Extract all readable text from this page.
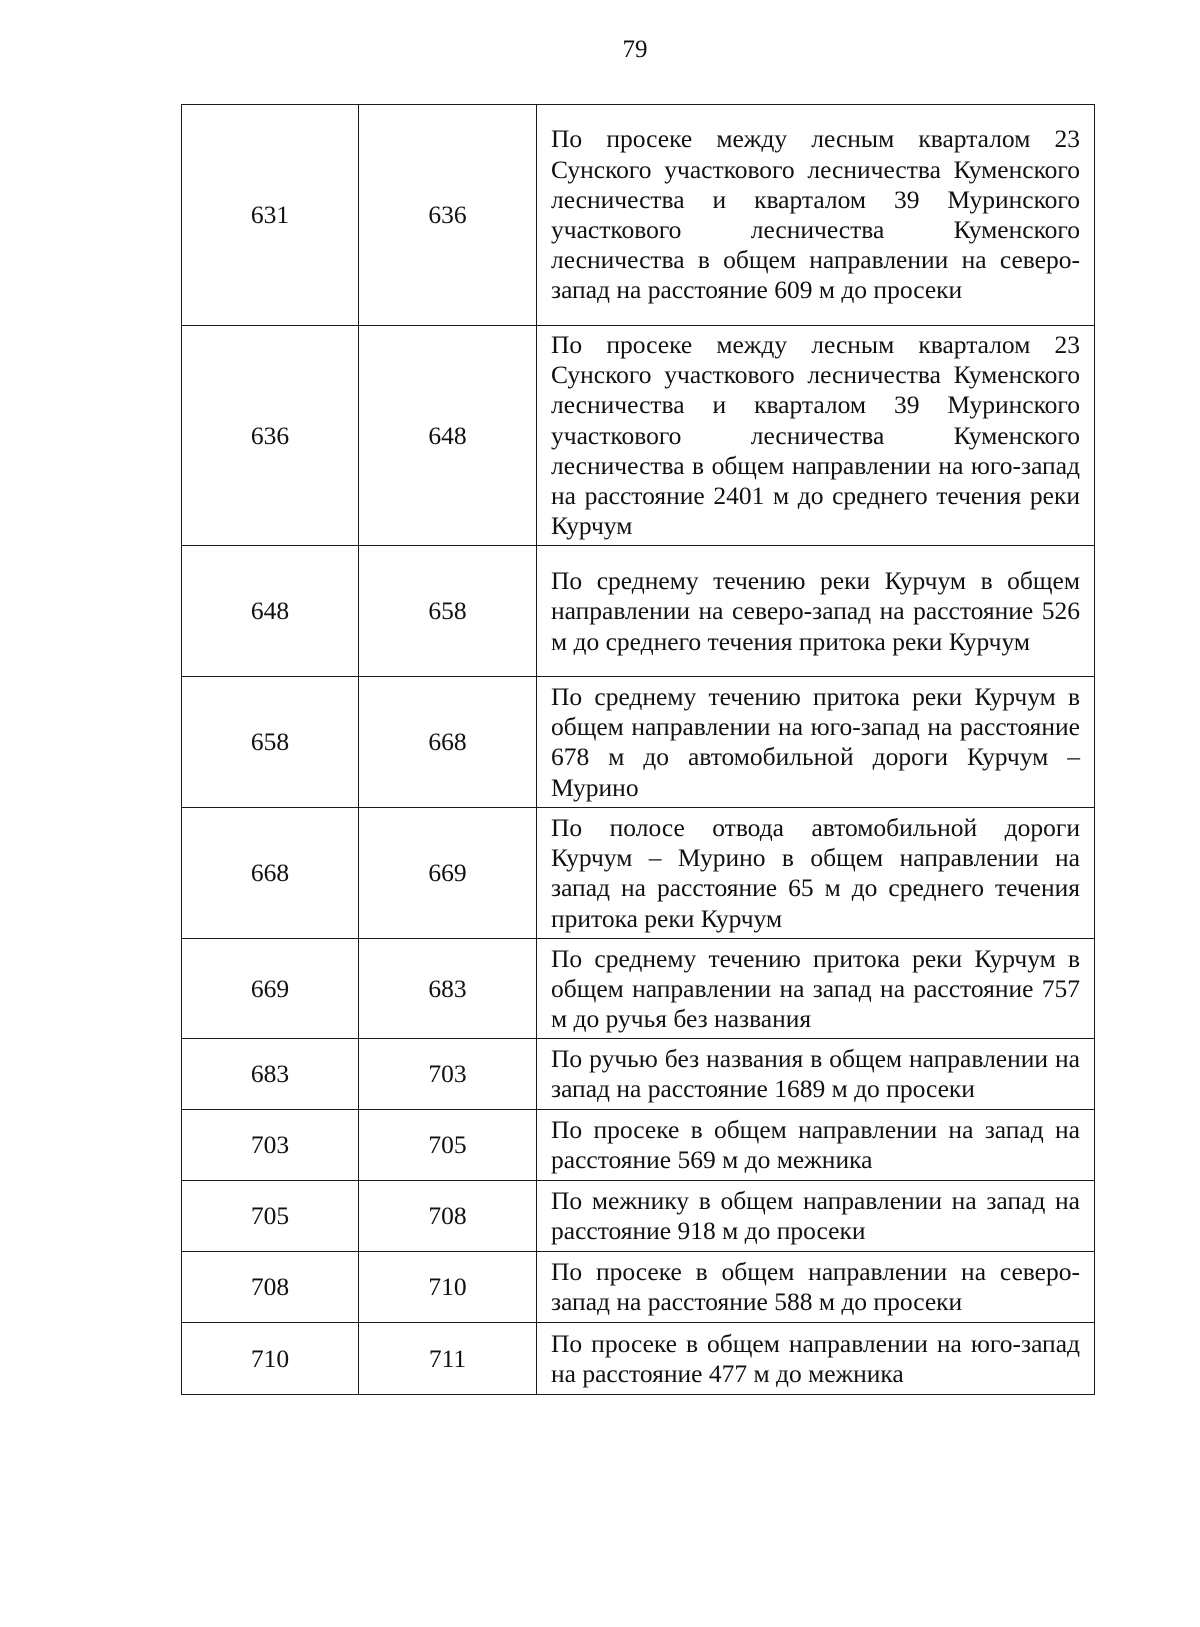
79
631	636	По просеке между лесным кварталом 23 Сунского участкового лесничества Куменского лесничества и кварталом 39 Муринского участкового лесничества Куменского лесничества в общем направлении на северо-запад на расстояние 609 м до просеки
636	648	По просеке между лесным кварталом 23 Сунского участкового лесничества Куменского лесничества и кварталом 39 Муринского участкового лесничества Куменского лесничества в общем направлении на юго-запад на расстояние 2401 м до среднего течения реки Курчум
648	658	По среднему течению реки Курчум в общем направлении на северо-запад на расстояние 526 м до среднего течения притока реки Курчум
658	668	По среднему течению притока реки Курчум в общем направлении на юго-запад на расстояние 678 м до автомобильной дороги Курчум – Мурино
668	669	По полосе отвода автомобильной дороги Курчум – Мурино в общем направлении на запад на расстояние 65 м до среднего течения притока реки Курчум
669	683	По среднему течению притока реки Курчум в общем направлении на запад на расстояние 757 м до ручья без названия
683	703	По ручью без названия в общем направлении на запад на расстояние 1689 м до просеки
703	705	По просеке в общем направлении на запад на расстояние 569 м до межника
705	708	По межнику в общем направлении на запад на расстояние 918 м до просеки
708	710	По просеке в общем направлении на северо-запад на расстояние 588 м до просеки
710	711	По просеке в общем направлении на юго-запад на расстояние 477 м до межника
